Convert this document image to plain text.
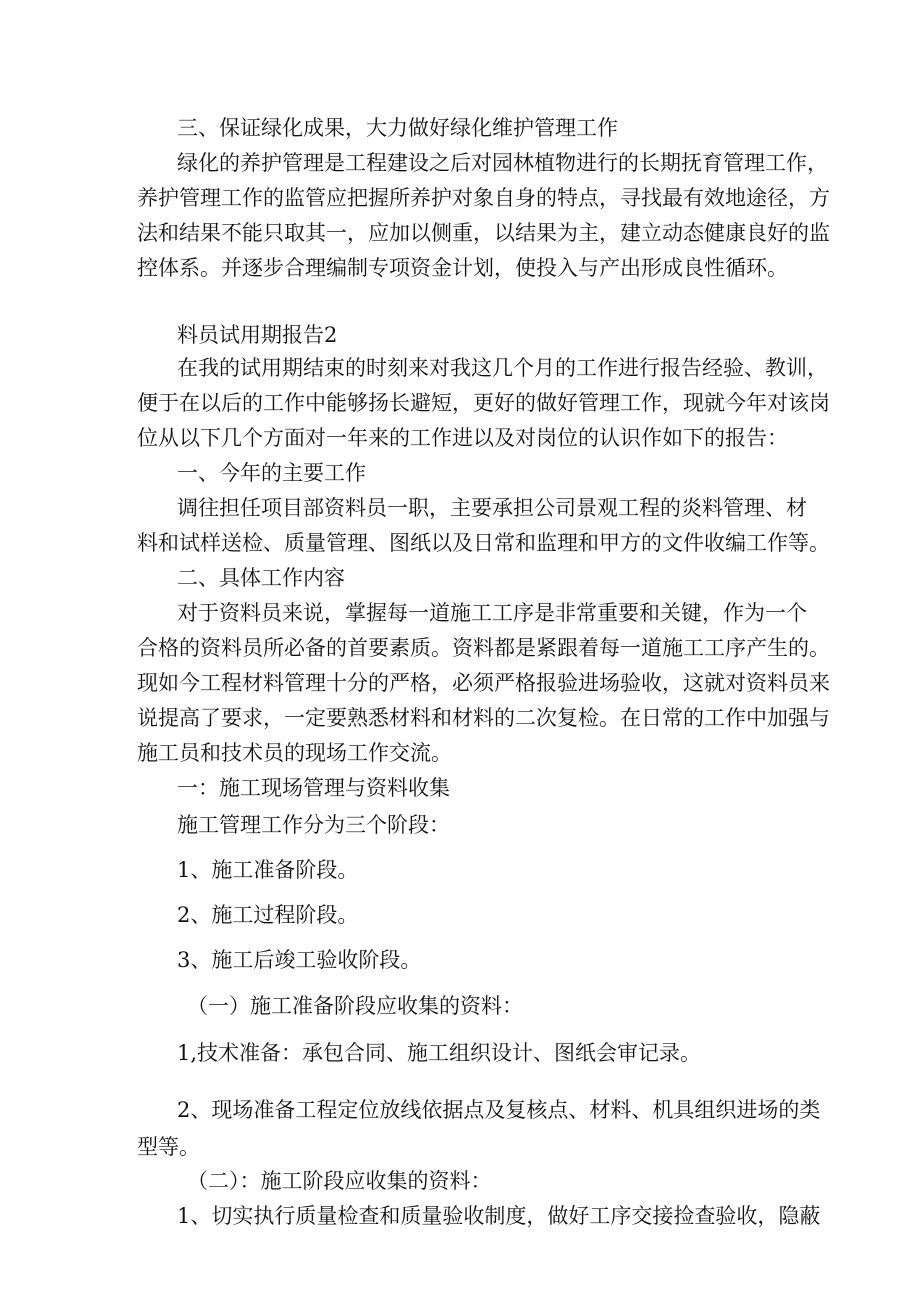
三、保证绿化成果，大力做好绿化维护管理工作
绿化的养护管理是工程建设之后对园林植物进行的长期抚育管理工作，
养护管理工作的监管应把握所养护对象自身的特点，寻找最有效地途径，方
法和结果不能只取其一，应加以侧重，以结果为主，建立动态健康良好的监
控体系。并逐步合理编制专项资金计划，使投入与产出形成良性循环。
料员试用期报告2
在我的试用期结束的时刻来对我这几个月的工作进行报告经验、教训，
便于在以后的工作中能够扬长避短，更好的做好管理工作，现就今年对该岗
位从以下几个方面对一年来的工作进以及对岗位的认识作如下的报告：
一、今年的主要工作
调往担任项目部资料员一职，主要承担公司景观工程的炎料管理、材
料和试样送检、质量管理、图纸以及日常和监理和甲方的文件收编工作等。
二、具体工作内容
对于资料员来说，掌握每一道施工工序是非常重要和关键，作为一个
合格的资料员所必备的首要素质。资料都是紧跟着每一道施工工序产生的。
现如今工程材料管理十分的严格，必须严格报验进场验收，这就对资料员来
说提高了要求，一定要熟悉材料和材料的二次复检。在日常的工作中加强与
施工员和技术员的现场工作交流。
一：施工现场管理与资料收集
施工管理工作分为三个阶段：
1、施工准备阶段。
2、施工过程阶段。
3、施工后竣工验收阶段。
（一）施工准备阶段应收集的资料：
1,技术准备：承包合同、施工组织设计、图纸会审记录。
2、现场准备工程定位放线依据点及复核点、材料、机具组织进场的类
型等。
（二）：施工阶段应收集的资料：
1、切实执行质量检查和质量验收制度，做好工序交接捡查验收，隐蔽
